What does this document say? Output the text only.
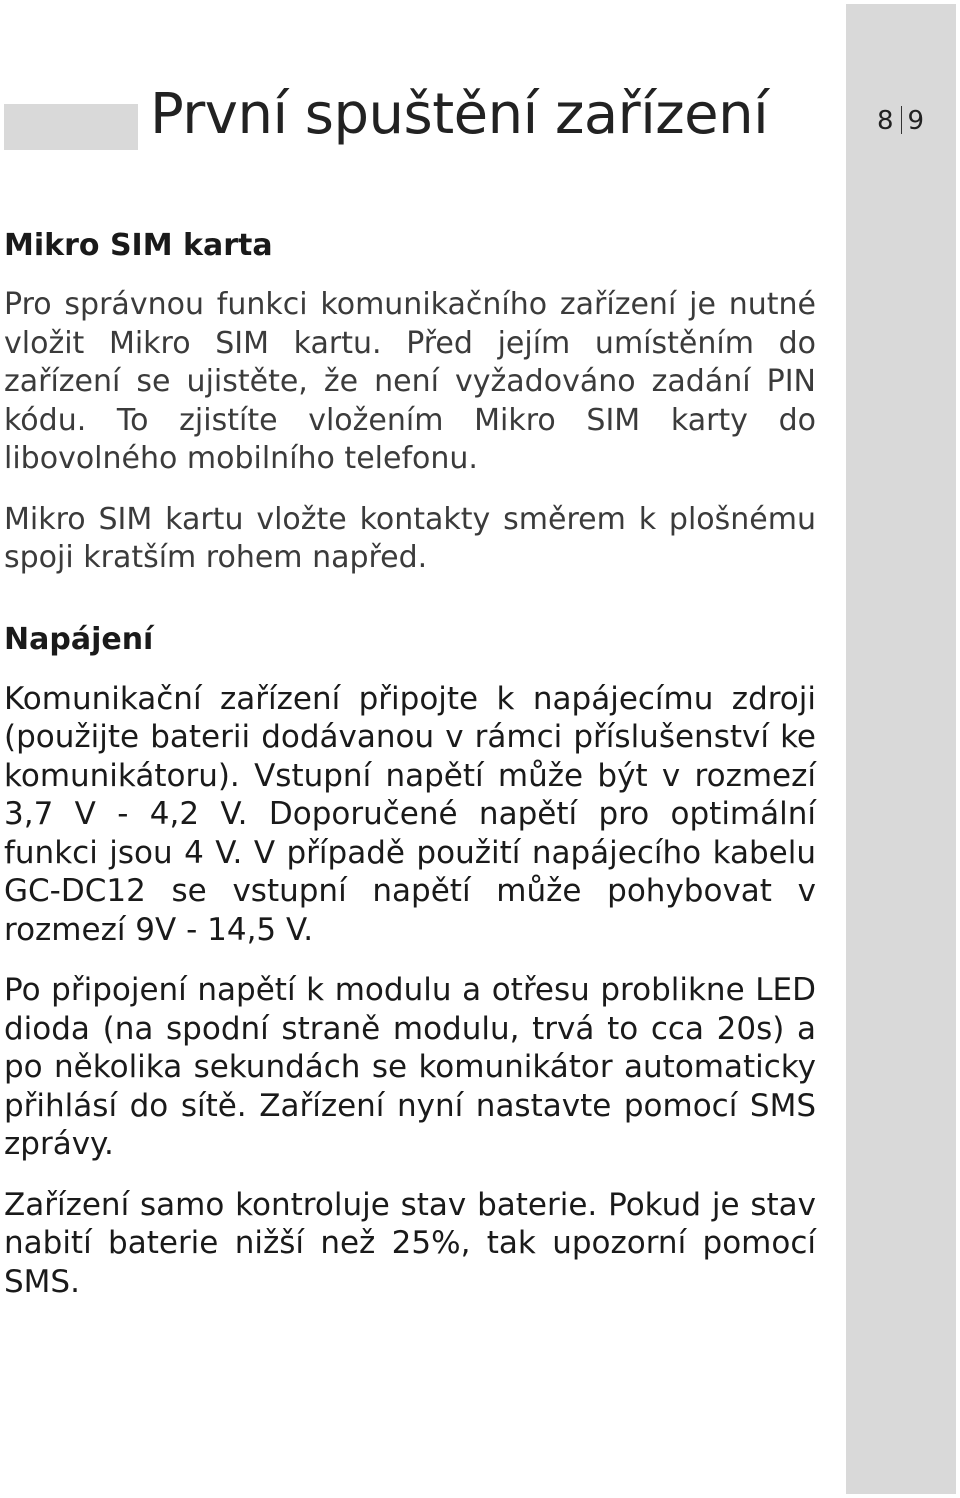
8 9
První spuštění zařízení
Mikro SIM karta

Pro správnou funkci komunikačního zařízení je nutné vložit Mikro SIM kartu. Před jejím umístěním do zařízení se ujistěte, že není vyžadováno zadání PIN kódu. To zjistíte vložením Mikro SIM karty do libovolného mobilního telefonu.

Mikro SIM kartu vložte kontakty směrem k plošnému spoji kratším rohem napřed.

Napájení

Komunikační zařízení připojte k napájecímu zdroji (použijte baterii dodávanou v rámci příslušenství ke komunikátoru). Vstupní napětí může být v rozmezí 3,7 V - 4,2 V. Doporučené napětí pro optimální funkci jsou 4 V. V případě použití napájecího kabelu GC-DC12 se vstupní napětí může pohybovat v rozmezí 9V - 14,5 V.

Po připojení napětí k modulu a otřesu problikne LED dioda (na spodní straně modulu, trvá to cca 20s) a po několika sekundách se komunikátor automaticky přihlásí do sítě. Zařízení nyní nastavte pomocí SMS zprávy.

Zařízení samo kontroluje stav baterie. Pokud je stav nabití baterie nižší než 25%, tak upozorní pomocí SMS.
